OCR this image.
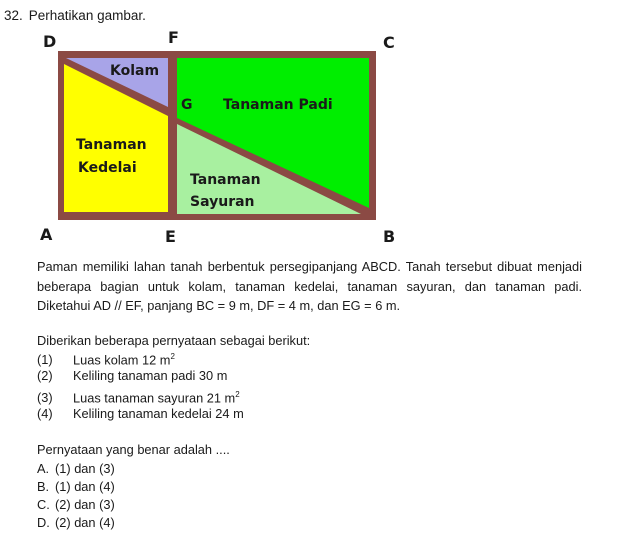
32. Perhatikan gambar.
D	F	C
A	E	B
G
Kolam
Tanaman Padi
Tanaman
Kedelai
Tanaman
Sayuran

Paman memiliki lahan tanah berbentuk persegipanjang ABCD. Tanah tersebut dibuat menjadi beberapa bagian untuk kolam, tanaman kedelai, tanaman sayuran, dan tanaman padi. Diketahui AD // EF, panjang BC = 9 m, DF = 4 m, dan EG = 6 m.

Diberikan beberapa pernyataan sebagai berikut:

(1) Luas kolam 12 $m^2$
(2) Keliling tanaman padi 30 m
(3) Luas tanaman sayuran 21 $m^2$
(4) Keliling tanaman kedelai 24 m
Pernyataan yang benar adalah ....
A. (1) dan (3)
B. (1) dan (4)
C. (2) dan (3)
D. (2) dan (4)
